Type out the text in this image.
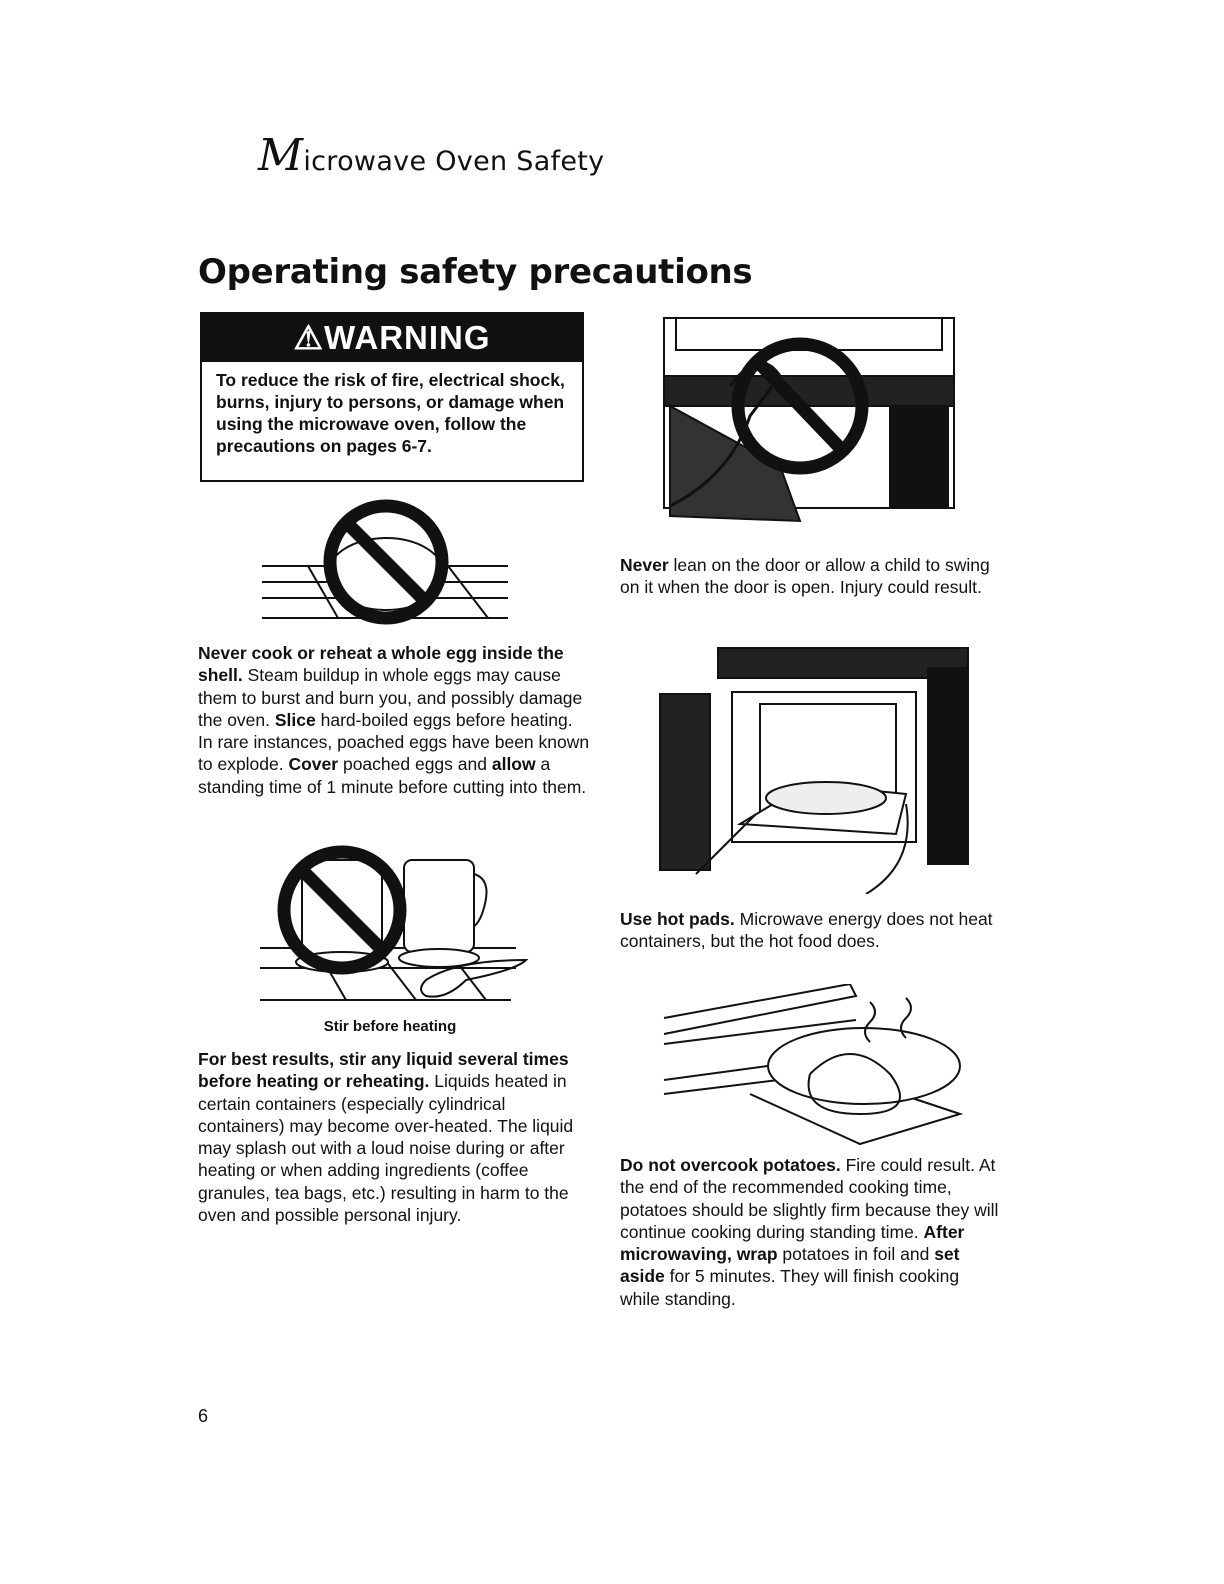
Microwave Oven Safety
Operating safety precautions
⚠WARNING
To reduce the risk of fire, electrical shock, burns, injury to persons, or damage when using the microwave oven, follow the precautions on pages 6-7.
Never cook or reheat a whole egg inside the shell. Steam buildup in whole eggs may cause them to burst and burn you, and possibly damage the oven. Slice hard-boiled eggs before heating. In rare instances, poached eggs have been known to explode. Cover poached eggs and allow a standing time of 1 minute before cutting into them.
Stir before heating
For best results, stir any liquid several times before heating or reheating. Liquids heated in certain containers (especially cylindrical containers) may become over-heated. The liquid may splash out with a loud noise during or after heating or when adding ingredients (coffee granules, tea bags, etc.) resulting in harm to the oven and possible personal injury.
Never lean on the door or allow a child to swing on it when the door is open. Injury could result.
Use hot pads. Microwave energy does not heat containers, but the hot food does.
Do not overcook potatoes. Fire could result. At the end of the recommended cooking time, potatoes should be slightly firm because they will continue cooking during standing time. After microwaving, wrap potatoes in foil and set aside for 5 minutes. They will finish cooking while standing.
6
